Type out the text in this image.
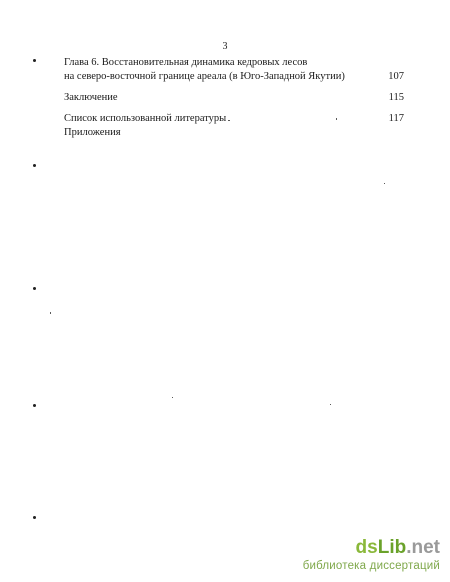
3
Глава 6. Восстановительная динамика кедровых лесов
на северо-восточной границе ареала (в Юго-Западной Якутии)	107
Заключение	115
Список использованной литературы	117
Приложения
dsLib.net
библиотека диссертаций
